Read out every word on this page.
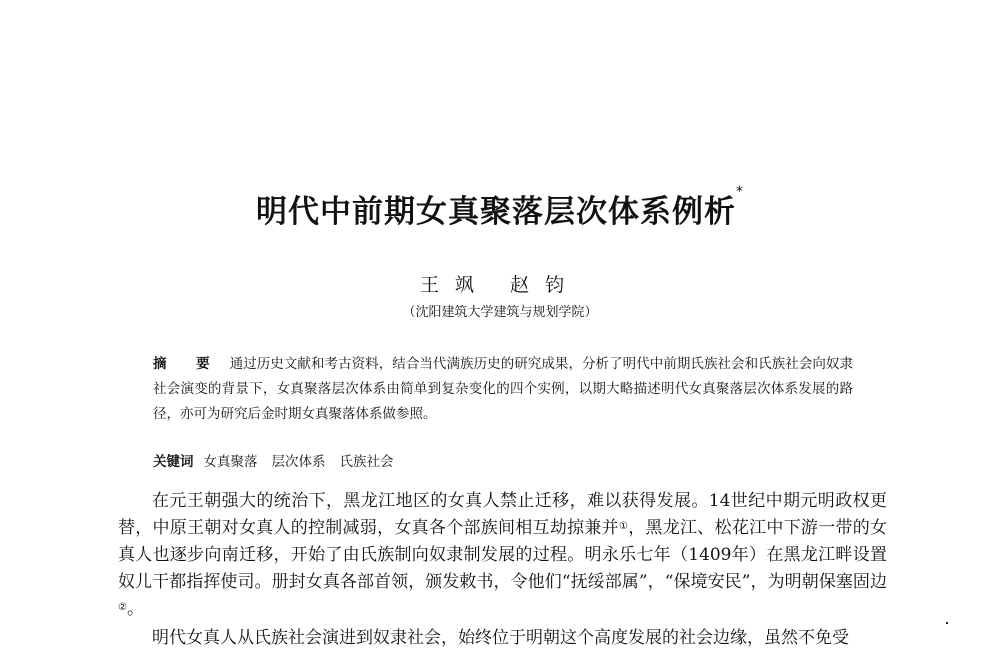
明代中前期女真聚落层次体系例析*
王飒 赵钧
（沈阳建筑大学建筑与规划学院）
摘　要 通过历史文献和考古资料，结合当代满族历史的研究成果，分析了明代中前期氏族社会和氏族社会向奴隶社会演变的背景下，女真聚落层次体系由简单到复杂变化的四个实例，以期大略描述明代女真聚落层次体系发展的路径，亦可为研究后金时期女真聚落体系做参照。
关键词 女真聚落 层次体系 氏族社会

在元王朝强大的统治下，黑龙江地区的女真人禁止迁移，难以获得发展。14世纪中期元明政权更替，中原王朝对女真人的控制减弱，女真各个部族间相互劫掠兼并①，黑龙江、松花江中下游一带的女真人也逐步向南迁移，开始了由氏族制向奴隶制发展的过程。明永乐七年（1409年）在黑龙江畔设置奴儿干都指挥使司。册封女真各部首领，颁发敕书，令他们“抚绥部属”，“保境安民”，为明朝保塞固边②。

明代女真人从氏族社会演进到奴隶社会，始终位于明朝这个高度发展的社会边缘，虽然不免受
